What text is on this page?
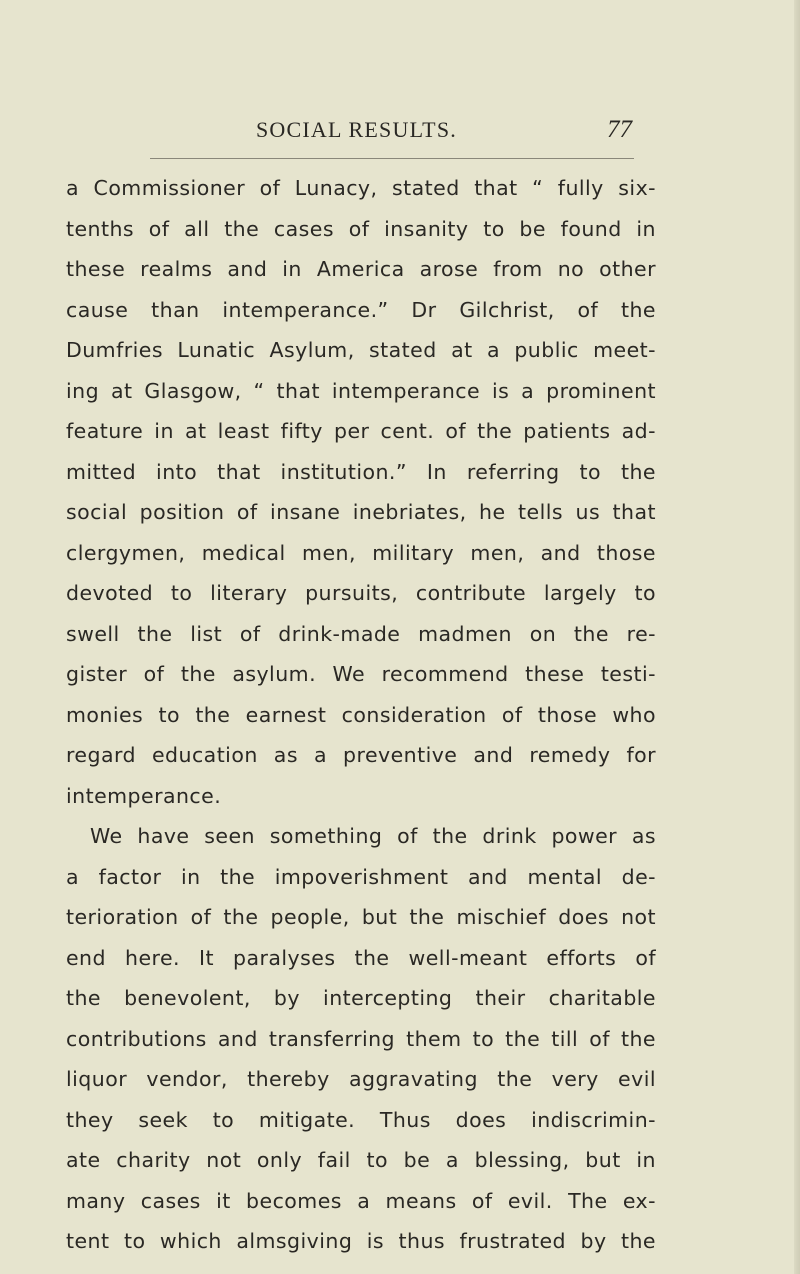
SOCIAL RESULTS.	77
a Commissioner of Lunacy, stated that “ fully six-
tenths of all the cases of insanity to be found in
these realms and in America arose from no other
cause than intemperance.” Dr Gilchrist, of the
Dumfries Lunatic Asylum, stated at a public meet-
ing at Glasgow, “ that intemperance is a prominent
feature in at least fifty per cent. of the patients ad-
mitted into that institution.” In referring to the
social position of insane inebriates, he tells us that
clergymen, medical men, military men, and those
devoted to literary pursuits, contribute largely to
swell the list of drink-made madmen on the re-
gister of the asylum. We recommend these testi-
monies to the earnest consideration of those who
regard education as a preventive and remedy for
intemperance.
We have seen something of the drink power as
a factor in the impoverishment and mental de-
terioration of the people, but the mischief does not
end here. It paralyses the well-meant efforts of
the benevolent, by intercepting their charitable
contributions and transferring them to the till of the
liquor vendor, thereby aggravating the very evil
they seek to mitigate. Thus does indiscrimin-
ate charity not only fail to be a blessing, but in
many cases it becomes a means of evil. The ex-
tent to which almsgiving is thus frustrated by the
